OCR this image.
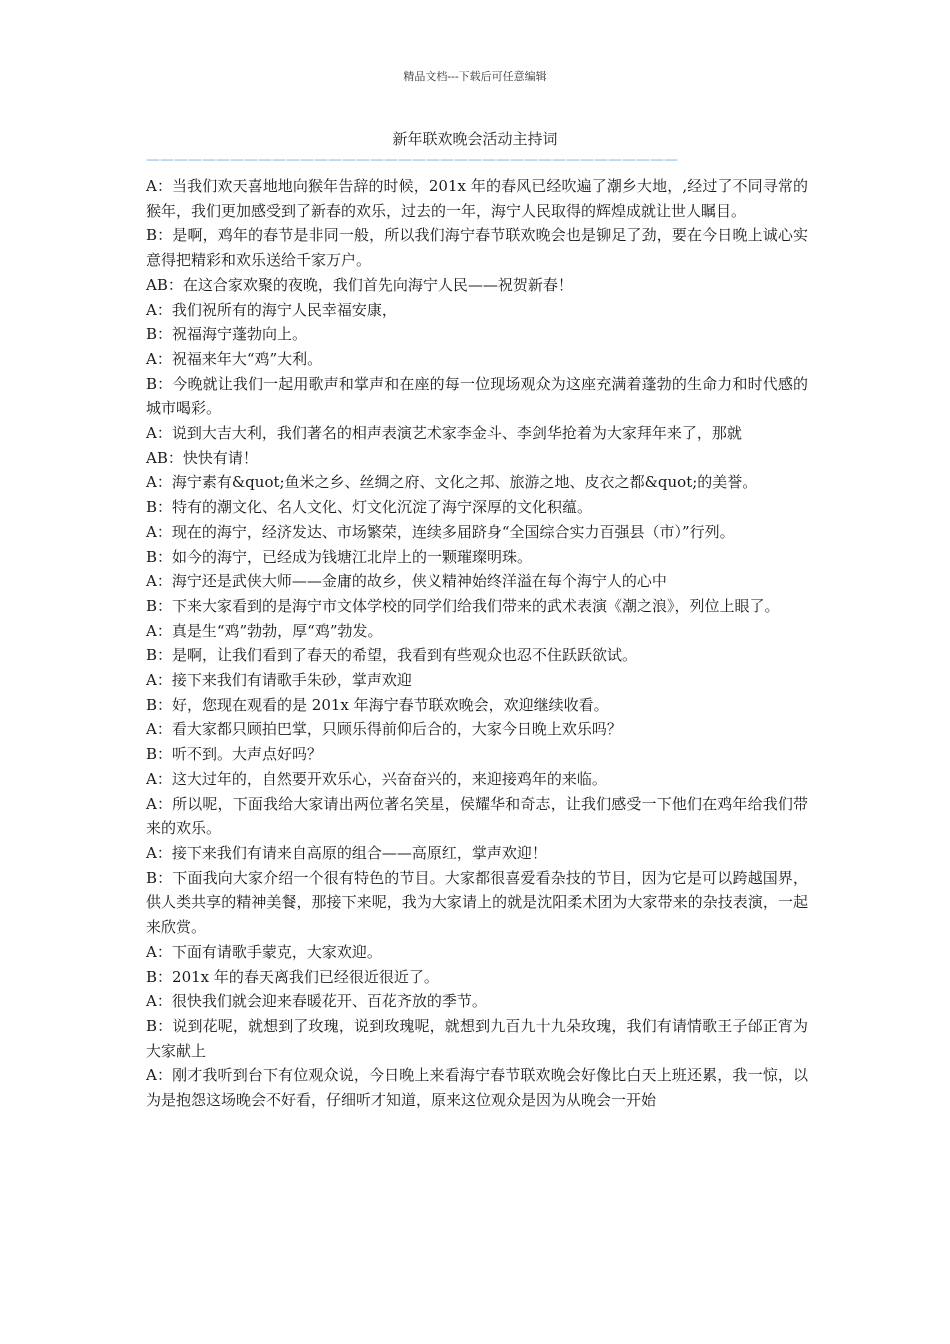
精品文档---下载后可任意编辑
新年联欢晚会活动主持词
——————————————————————————————————————

A：当我们欢天喜地地向猴年告辞的时候，201x 年的春风已经吹遍了潮乡大地，,经过了不同寻常的猴年，我们更加感受到了新春的欢乐，过去的一年，海宁人民取得的辉煌成就让世人瞩目。

B：是啊，鸡年的春节是非同一般，所以我们海宁春节联欢晚会也是铆足了劲，要在今日晚上诚心实意得把精彩和欢乐送给千家万户。

AB：在这合家欢聚的夜晚，我们首先向海宁人民——祝贺新春！

A：我们祝所有的海宁人民幸福安康，

B：祝福海宁蓬勃向上。

A：祝福来年大“鸡”大利。

B：今晚就让我们一起用歌声和掌声和在座的每一位现场观众为这座充满着蓬勃的生命力和时代感的城市喝彩。

A：说到大吉大利，我们著名的相声表演艺术家李金斗、李剑华抢着为大家拜年来了，那就

AB：快快有请！

A：海宁素有&quot;鱼米之乡、丝绸之府、文化之邦、旅游之地、皮衣之都&quot;的美誉。

B：特有的潮文化、名人文化、灯文化沉淀了海宁深厚的文化积蕴。

A：现在的海宁，经济发达、市场繁荣，连续多届跻身“全国综合实力百强县（市）”行列。

B：如今的海宁，已经成为钱塘江北岸上的一颗璀璨明珠。

A：海宁还是武侠大师——金庸的故乡，侠义精神始终洋溢在每个海宁人的心中

B：下来大家看到的是海宁市文体学校的同学们给我们带来的武术表演《潮之浪》，列位上眼了。

A：真是生“鸡”勃勃，厚“鸡”勃发。

B：是啊，让我们看到了春天的希望，我看到有些观众也忍不住跃跃欲试。

A：接下来我们有请歌手朱砂，掌声欢迎

B：好，您现在观看的是 201x 年海宁春节联欢晚会，欢迎继续收看。

A：看大家都只顾拍巴掌，只顾乐得前仰后合的，大家今日晚上欢乐吗？

B：听不到。大声点好吗？

A：这大过年的，自然要开欢乐心，兴奋奋兴的，来迎接鸡年的来临。

A：所以呢，下面我给大家请出两位著名笑星，侯耀华和奇志，让我们感受一下他们在鸡年给我们带来的欢乐。

A：接下来我们有请来自高原的组合——高原红，掌声欢迎！

B：下面我向大家介绍一个很有特色的节目。大家都很喜爱看杂技的节目，因为它是可以跨越国界，供人类共享的精神美餐，那接下来呢，我为大家请上的就是沈阳柔术团为大家带来的杂技表演，一起来欣赏。

A：下面有请歌手蒙克，大家欢迎。

B：201x 年的春天离我们已经很近很近了。

A：很快我们就会迎来春暖花开、百花齐放的季节。

B：说到花呢，就想到了玫瑰，说到玫瑰呢，就想到九百九十九朵玫瑰，我们有请情歌王子邰正宵为大家献上

A：刚才我听到台下有位观众说，今日晚上来看海宁春节联欢晚会好像比白天上班还累，我一惊，以为是抱怨这场晚会不好看，仔细听才知道，原来这位观众是因为从晚会一开始
